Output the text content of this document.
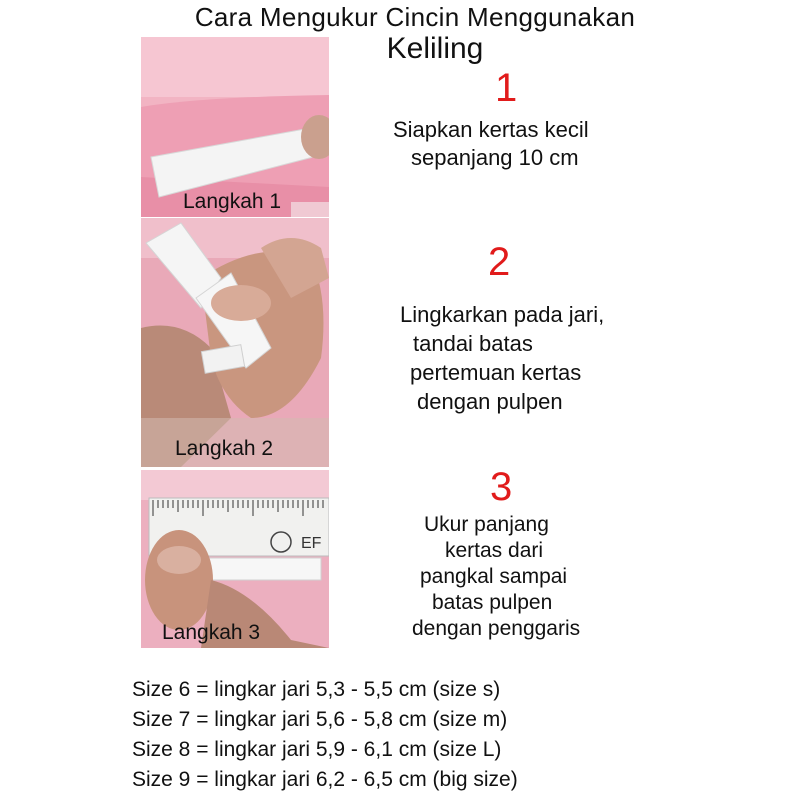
Cara Mengukur Cincin Menggunakan
Keliling
Langkah 1
Langkah 2
EF
Langkah 3
1
2
3
Siapkan kertas kecil
sepanjang 10 cm
Lingkarkan pada jari,
tandai batas
pertemuan kertas
dengan pulpen
Ukur panjang
kertas dari
pangkal sampai
batas pulpen
dengan penggaris
Size 6 = lingkar jari 5,3 - 5,5 cm (size s)
Size 7 = lingkar jari 5,6 - 5,8 cm (size m)
Size 8 = lingkar jari 5,9 - 6,1 cm (size L)
Size 9 = lingkar jari 6,2 - 6,5 cm (big size)
